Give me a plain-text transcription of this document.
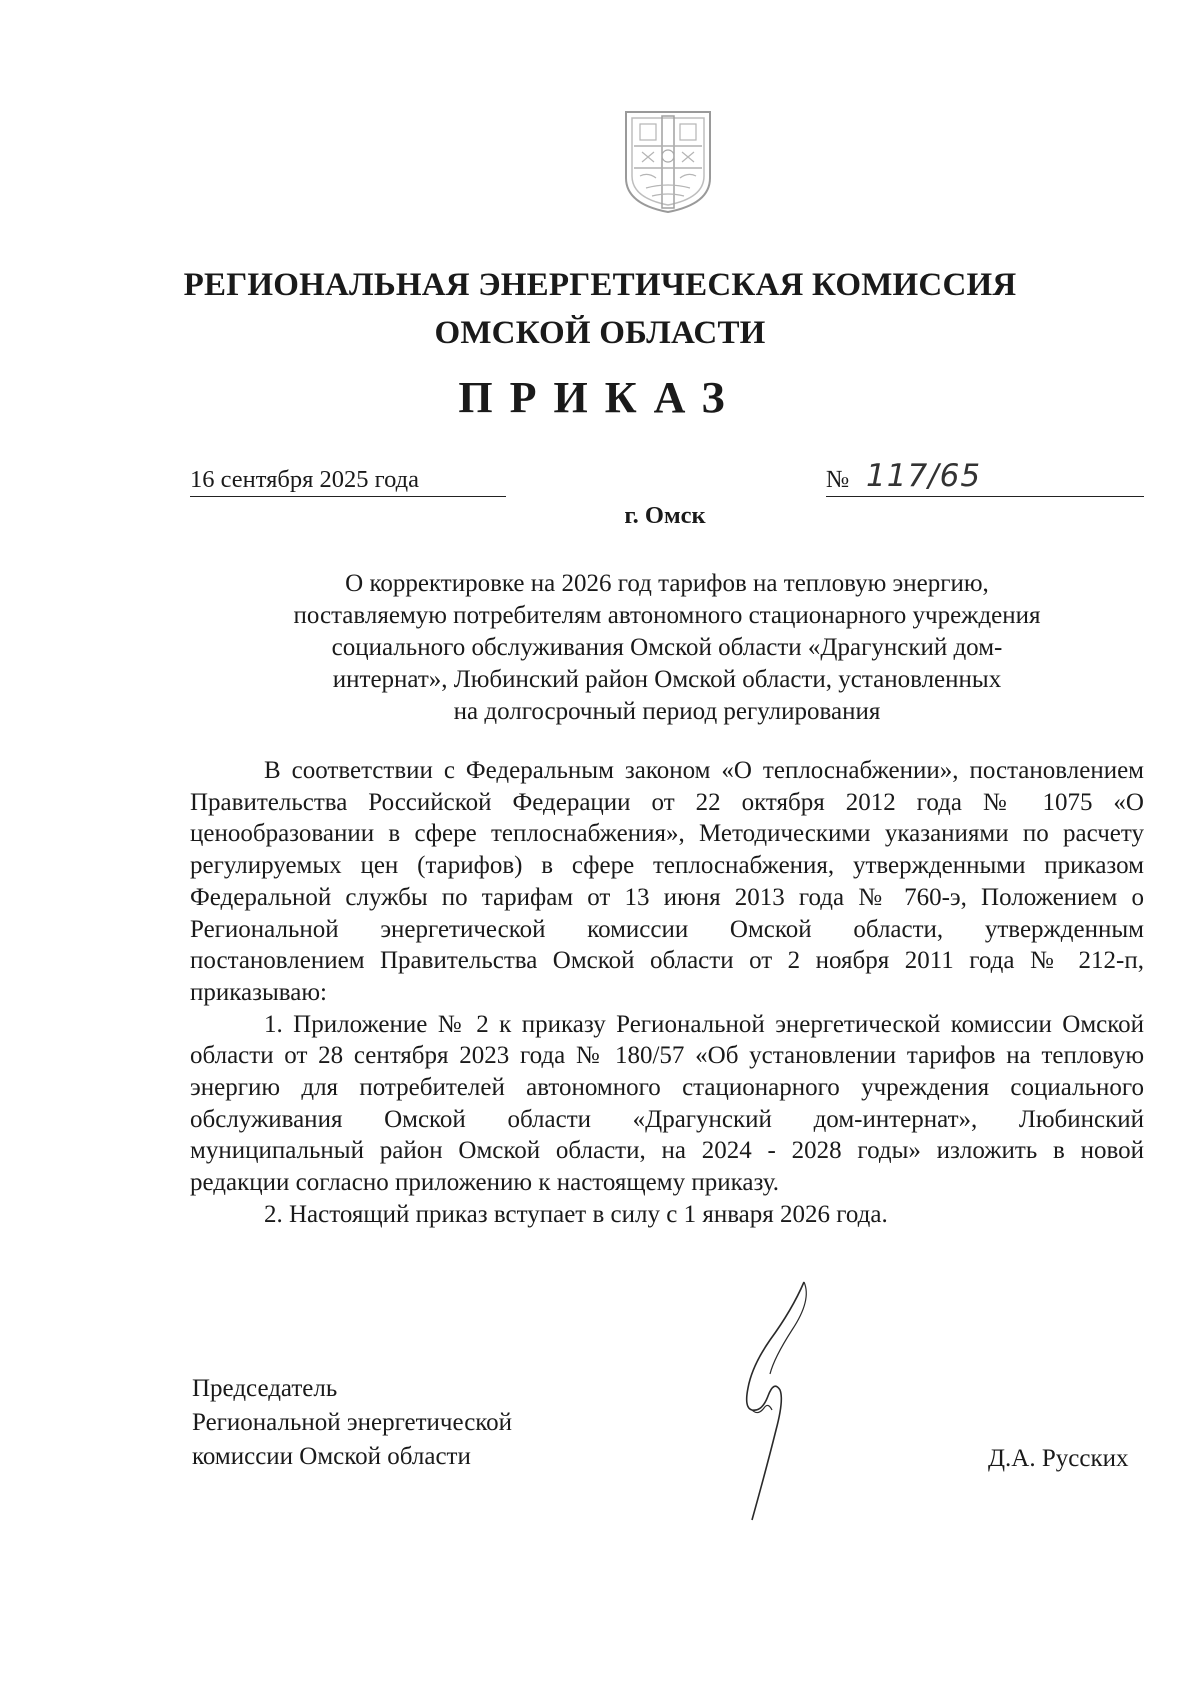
РЕГИОНАЛЬНАЯ ЭНЕРГЕТИЧЕСКАЯ КОМИССИЯ
ОМСКОЙ ОБЛАСТИ
ПРИКАЗ
16 сентября 2025 года	№ 117/65
г. Омск
О корректировке на 2026 год тарифов на тепловую энергию,
поставляемую потребителям автономного стационарного учреждения
социального обслуживания Омской области «Драгунский дом-
интернат», Любинский район Омской области, установленных
на долгосрочный период регулирования

В соответствии с Федеральным законом «О теплоснабжении», постановлением Правительства Российской Федерации от 22 октября 2012 года № 1075 «О ценообразовании в сфере теплоснабжения», Методическими указаниями по расчету регулируемых цен (тарифов) в сфере теплоснабжения, утвержденными приказом Федеральной службы по тарифам от 13 июня 2013 года № 760-э, Положением о Региональной энергетической комиссии Омской области, утвержденным постановлением Правительства Омской области от 2 ноября 2011 года № 212-п, приказываю:

1. Приложение № 2 к приказу Региональной энергетической комиссии Омской области от 28 сентября 2023 года № 180/57 «Об установлении тарифов на тепловую энергию для потребителей автономного стационарного учреждения социального обслуживания Омской области «Драгунский дом-интернат», Любинский муниципальный район Омской области, на 2024 - 2028 годы» изложить в новой редакции согласно приложению к настоящему приказу.

2. Настоящий приказ вступает в силу с 1 января 2026 года.

Председатель
Региональной энергетической
комиссии Омской области	Д.А. Русских
